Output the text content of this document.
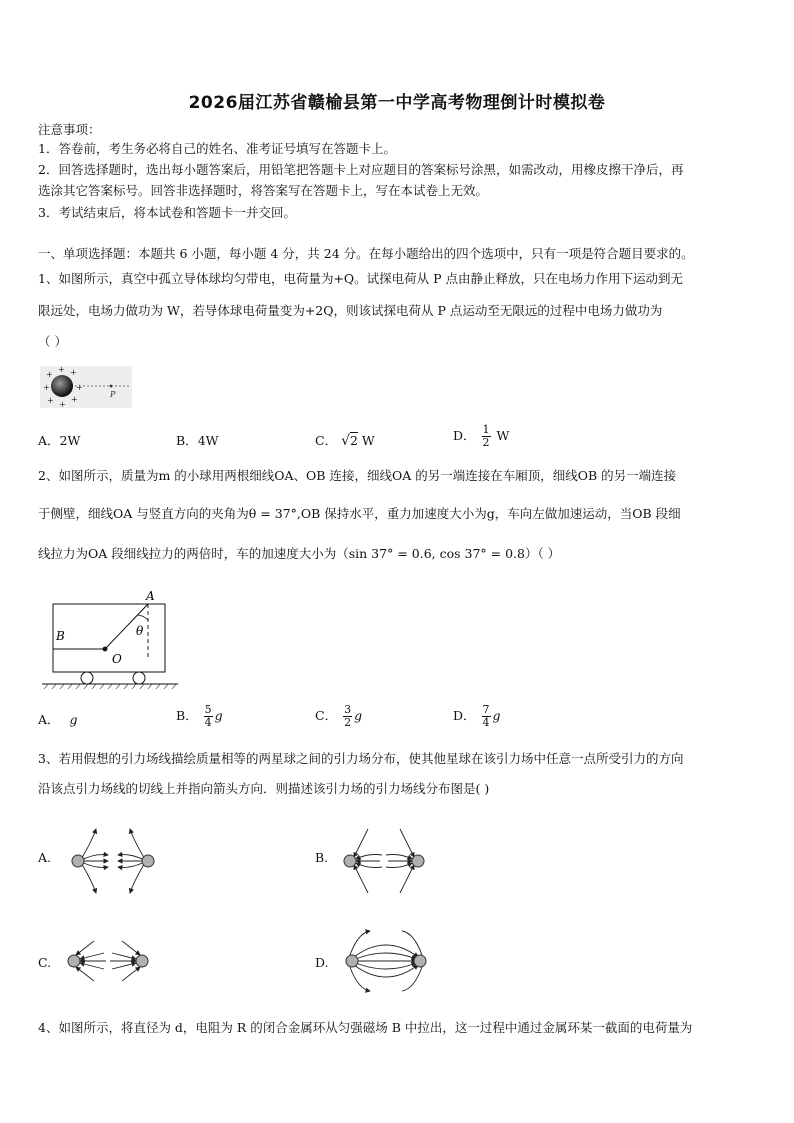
2026届江苏省赣榆县第一中学高考物理倒计时模拟卷
注意事项：
1．答卷前，考生务必将自己的姓名、准考证号填写在答题卡上。
2．回答选择题时，选出每小题答案后，用铅笔把答题卡上对应题目的答案标号涂黑，如需改动，用橡皮擦干净后，再
选涂其它答案标号。回答非选择题时，将答案写在答题卡上，写在本试卷上无效。
3．考试结束后，将本试卷和答题卡一并交回。
一、单项选择题：本题共 6 小题，每小题 4 分，共 24 分。在每小题给出的四个选项中，只有一项是符合题目要求的。
1、如图所示，真空中孤立导体球均匀带电，电荷量为+Q。试探电荷从 P 点由静止释放，只在电场力作用下运动到无
限远处，电场力做功为 W，若导体球电荷量变为+2Q，则该试探电荷从 P 点运动至无限远的过程中电场力做功为
（ ）
+
+ +
+	+
+ +
+
P
A．2W	B．4W	C． √2 W	D． $\frac{1}{2}$ W
2、如图所示，质量为m 的小球用两根细线OA、OB 连接，细线OA 的另一端连接在车厢顶，细线OB 的另一端连接
于侧壁，细线OA 与竖直方向的夹角为θ = 37°,OB 保持水平，重力加速度大小为g，车向左做加速运动，当OB 段细
线拉力为OA 段细线拉力的两倍时，车的加速度大小为（sin 37° = 0.6, cos 37° = 0.8）（ ）
A
B
O
θ
A． g	B． $\frac{5}{4}$ g	C． $\frac{3}{2}$ g	D． $\frac{7}{4}$ g
3、若用假想的引力场线描绘质量相等的两星球之间的引力场分布，使其他星球在该引力场中任意一点所受引力的方向
沿该点引力场线的切线上并指向箭头方向．则描述该引力场的引力场线分布图是( )
A.	B.
C.	D.
4、如图所示，将直径为 d，电阻为 R 的闭合金属环从匀强磁场 B 中拉出，这一过程中通过金属环某一截面的电荷量为
